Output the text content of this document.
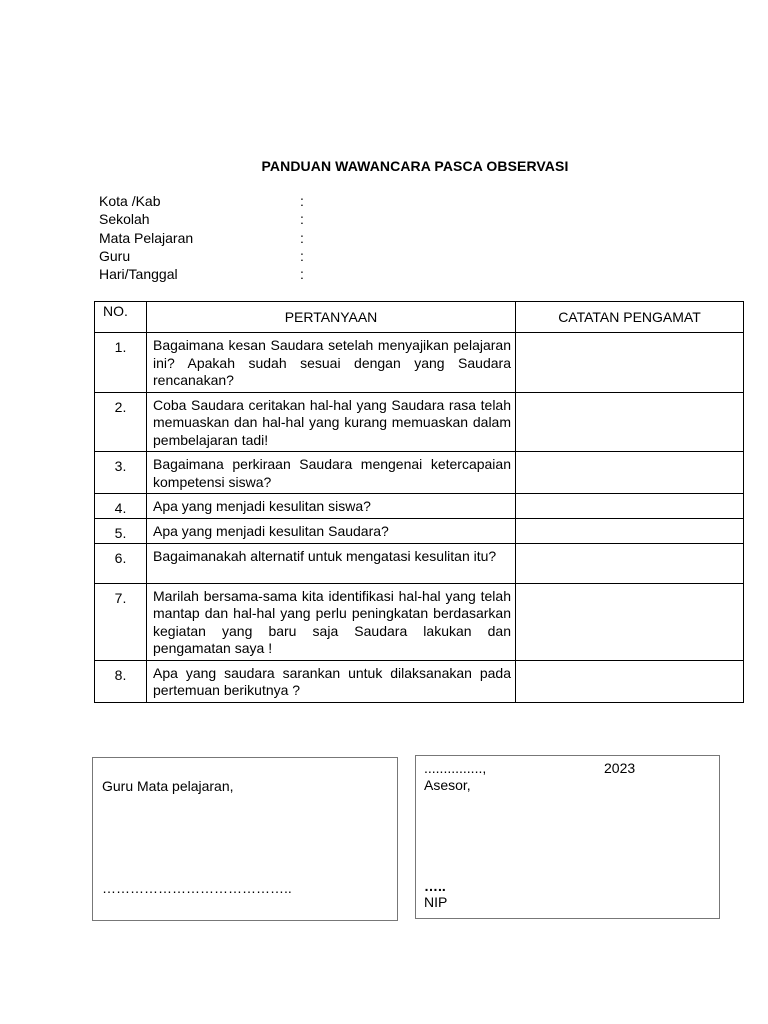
PANDUAN WAWANCARA PASCA OBSERVASI
Kota /Kab	:
Sekolah	:
Mata Pelajaran	:
Guru	:
Hari/Tanggal	:
NO.	PERTANYAAN	CATATAN PENGAMAT
1.	Bagaimana kesan Saudara setelah menyajikan pelajaran ini? Apakah sudah sesuai dengan yang Saudara rencanakan?	
2.	Coba Saudara ceritakan hal-hal yang Saudara rasa telah memuaskan dan hal-hal yang kurang memuaskan dalam pembelajaran tadi!	
3.	Bagaimana perkiraan Saudara mengenai ketercapaian kompetensi siswa?	
4.	Apa yang menjadi kesulitan siswa?	
5.	Apa yang menjadi kesulitan Saudara?	
6.	Bagaimanakah alternatif untuk mengatasi kesulitan itu?	
7.	Marilah bersama-sama kita identifikasi hal-hal yang telah mantap dan hal-hal yang perlu peningkatan berdasarkan kegiatan yang baru saja Saudara lakukan dan pengamatan saya !	
8.	Apa yang saudara sarankan untuk dilaksanakan pada pertemuan berikutnya ?	
Guru Mata pelajaran,
…………………………………..
...............,	2023
Asesor,
…..
NIP
